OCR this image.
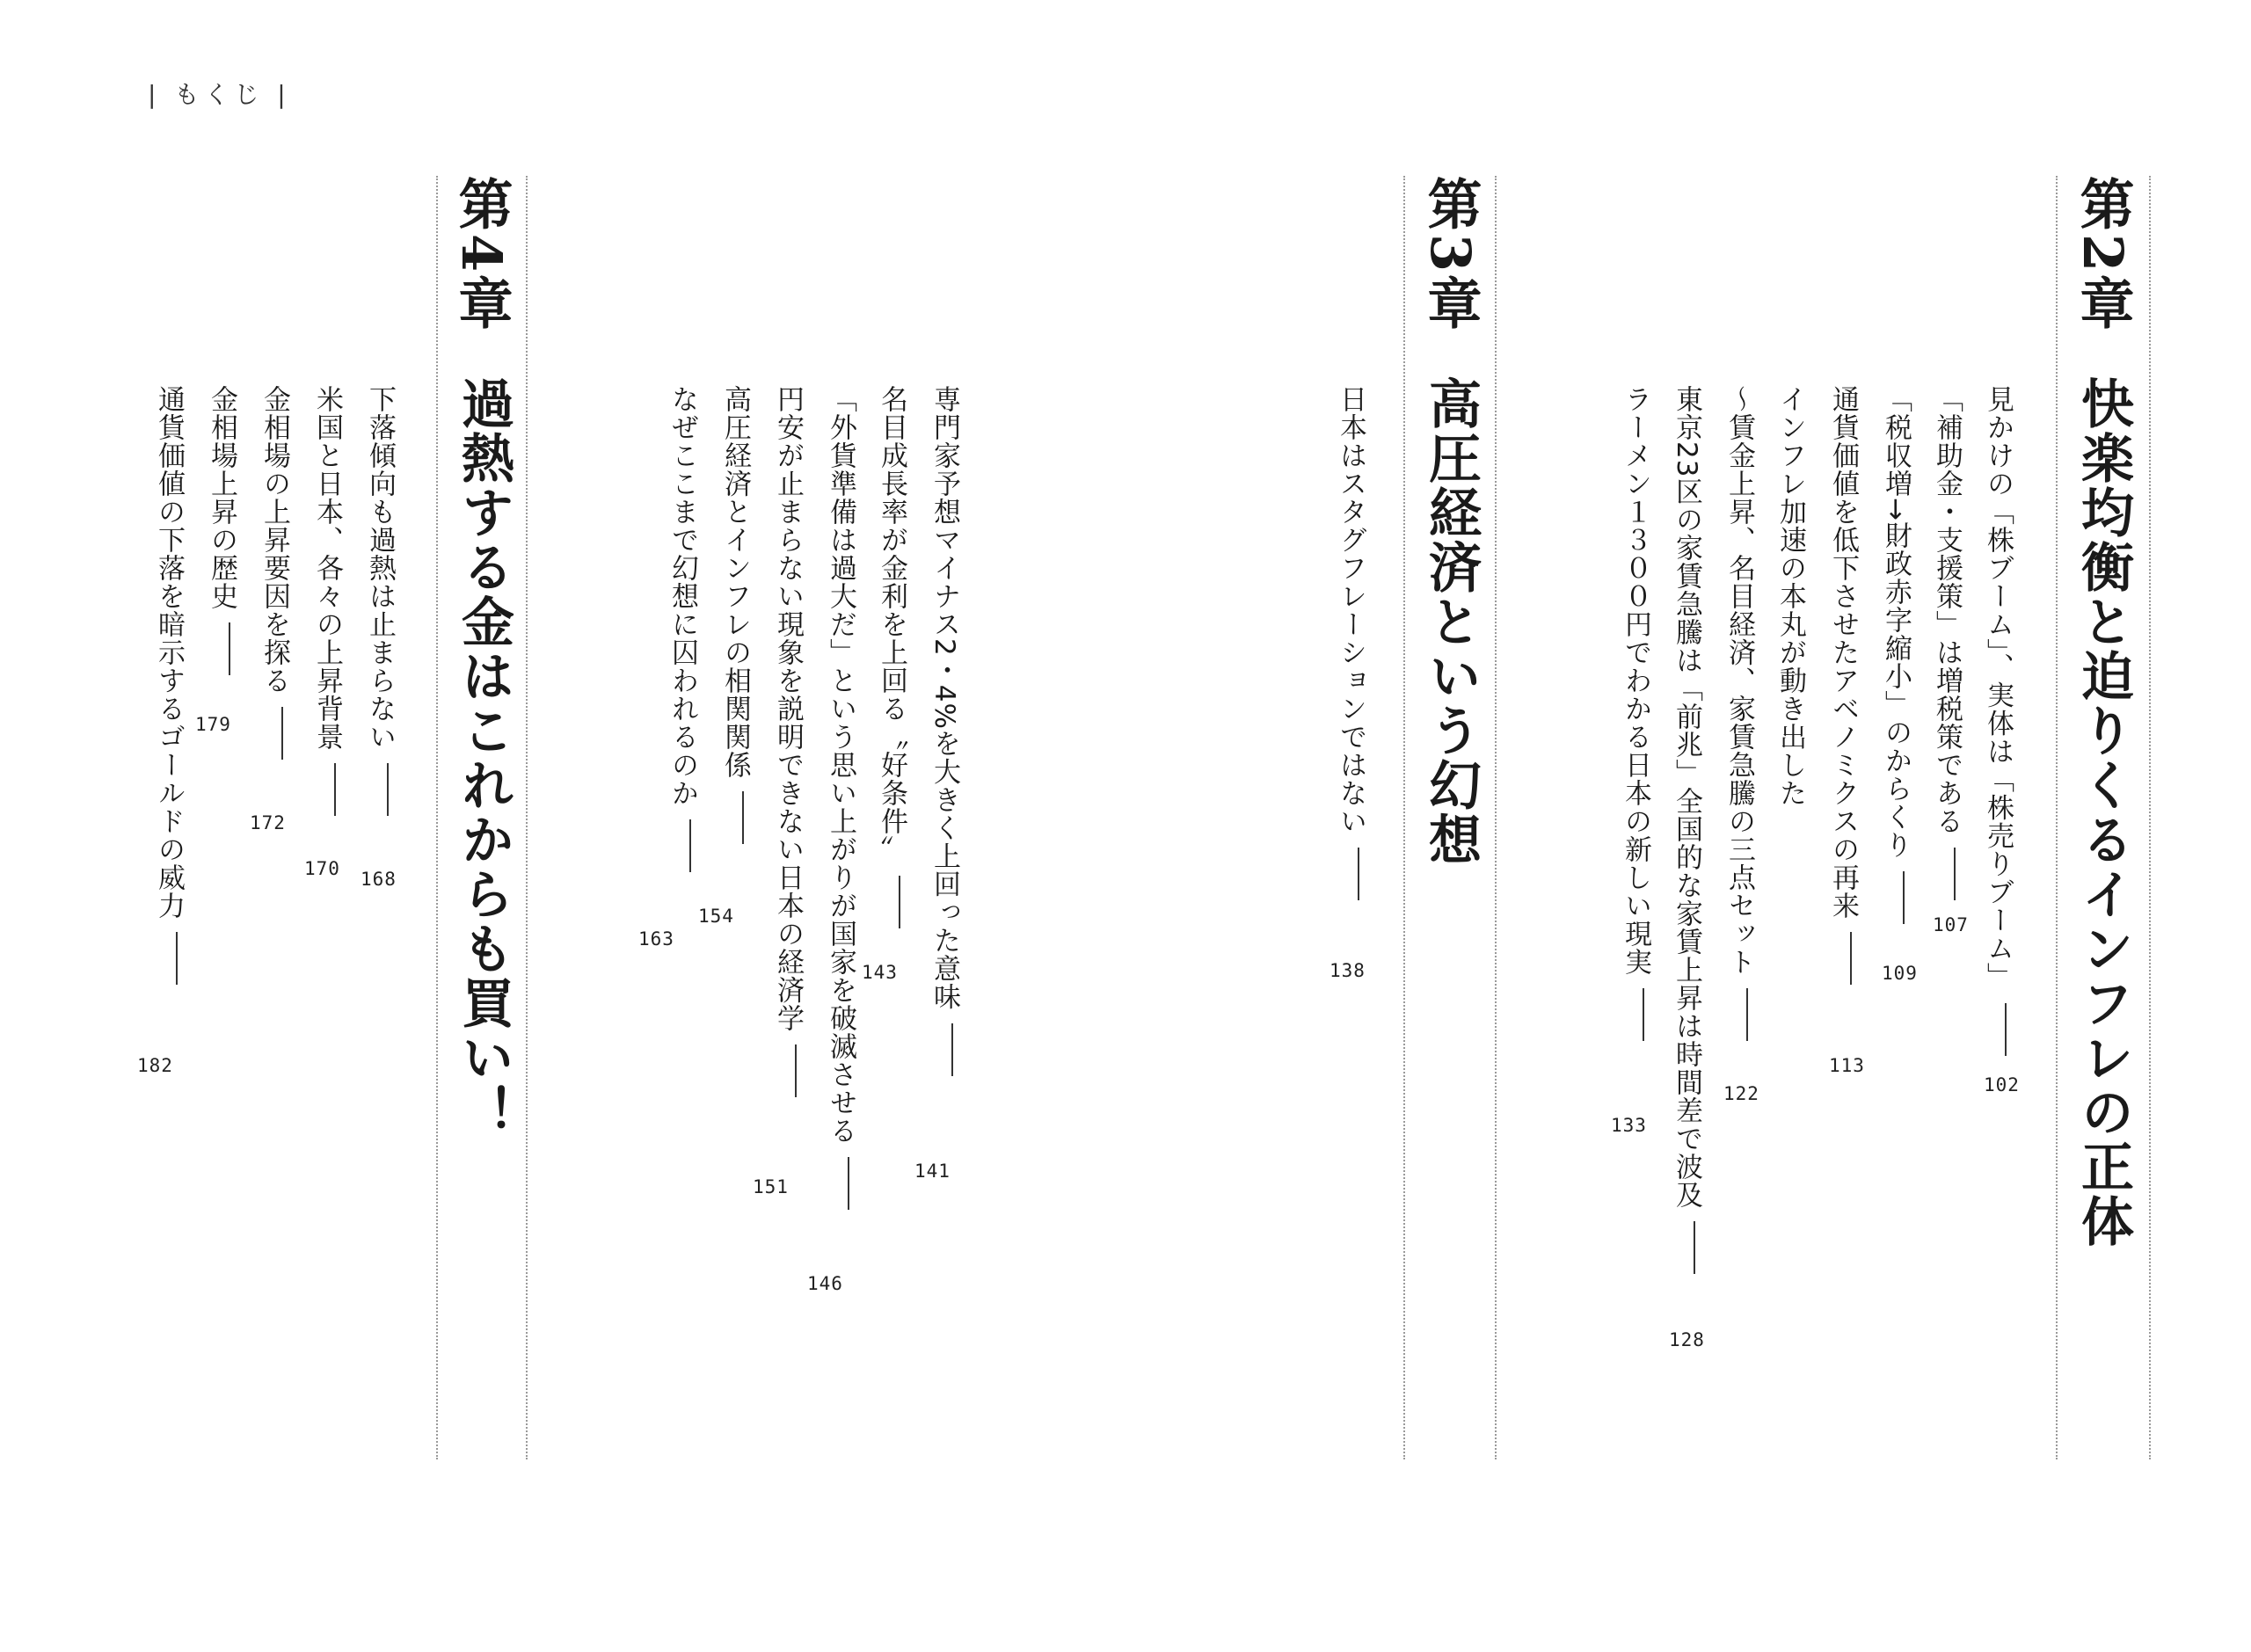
| もくじ |
第2章
快楽均衡と迫りくるインフレの正体
見かけの「株ブーム」、実体は「株売りブーム」
102
「補助金・支援策」は増税策である
107
「税収増→財政赤字縮小」のからくり
109
通貨価値を低下させたアベノミクスの再来
113
インフレ加速の本丸が動き出した
～賃金上昇、名目経済、家賃急騰の三点セット
122
東京23区の家賃急騰は「前兆」全国的な家賃上昇は時間差で波及
128
ラーメン１３００円でわかる日本の新しい現実
133
第3章
高圧経済という幻想
日本はスタグフレーションではない
138
専門家予想マイナス2・4%を大きく上回った意味
141
名目成長率が金利を上回る〝好条件〟
143
「外貨準備は過大だ」という思い上がりが国家を破滅させる
146
円安が止まらない現象を説明できない日本の経済学
151
高圧経済とインフレの相関関係
154
なぜここまで幻想に囚われるのか
163
第4章
過熱する金はこれからも買い！
下落傾向も過熱は止まらない
168
米国と日本、各々の上昇背景
170
金相場の上昇要因を探る
172
金相場上昇の歴史
179
通貨価値の下落を暗示するゴールドの威力
182
